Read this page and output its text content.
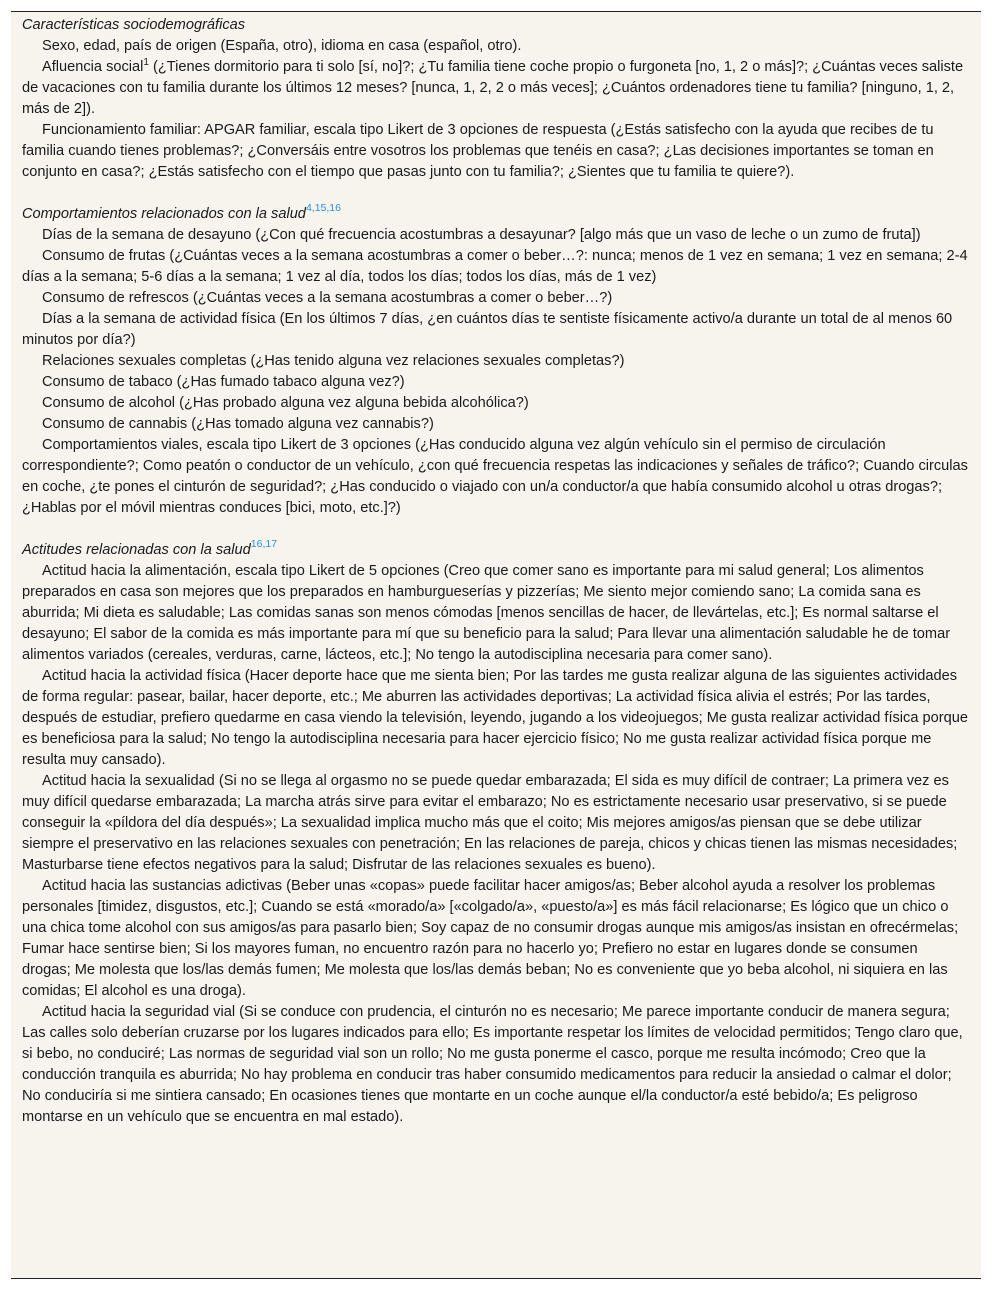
Características sociodemográficas

Sexo, edad, país de origen (España, otro), idioma en casa (español, otro).

Afluencia social$^1$ (¿Tienes dormitorio para ti solo [sí, no]?; ¿Tu familia tiene coche propio o furgoneta [no, 1, 2 o más]?; ¿Cuántas veces saliste de vacaciones con tu familia durante los últimos 12 meses? [nunca, 1, 2, 2 o más veces]; ¿Cuántos ordenadores tiene tu familia? [ninguno, 1, 2, más de 2]).

Funcionamiento familiar: APGAR familiar, escala tipo Likert de 3 opciones de respuesta (¿Estás satisfecho con la ayuda que recibes de tu familia cuando tienes problemas?; ¿Conversáis entre vosotros los problemas que tenéis en casa?; ¿Las decisiones importantes se toman en conjunto en casa?; ¿Estás satisfecho con el tiempo que pasas junto con tu familia?; ¿Sientes que tu familia te quiere?).

Comportamientos relacionados con la salud$^{4,15,16}$

Días de la semana de desayuno (¿Con qué frecuencia acostumbras a desayunar? [algo más que un vaso de leche o un zumo de fruta])

Consumo de frutas (¿Cuántas veces a la semana acostumbras a comer o beber…?: nunca; menos de 1 vez en semana; 1 vez en semana; 2-4 días a la semana; 5-6 días a la semana; 1 vez al día, todos los días; todos los días, más de 1 vez)

Consumo de refrescos (¿Cuántas veces a la semana acostumbras a comer o beber…?)

Días a la semana de actividad física (En los últimos 7 días, ¿en cuántos días te sentiste físicamente activo/a durante un total de al menos 60 minutos por día?)

Relaciones sexuales completas (¿Has tenido alguna vez relaciones sexuales completas?)

Consumo de tabaco (¿Has fumado tabaco alguna vez?)

Consumo de alcohol (¿Has probado alguna vez alguna bebida alcohólica?)

Consumo de cannabis (¿Has tomado alguna vez cannabis?)

Comportamientos viales, escala tipo Likert de 3 opciones (¿Has conducido alguna vez algún vehículo sin el permiso de circulación correspondiente?; Como peatón o conductor de un vehículo, ¿con qué frecuencia respetas las indicaciones y señales de tráfico?; Cuando circulas en coche, ¿te pones el cinturón de seguridad?; ¿Has conducido o viajado con un/a conductor/a que había consumido alcohol u otras drogas?; ¿Hablas por el móvil mientras conduces [bici, moto, etc.]?)

Actitudes relacionadas con la salud$^{16,17}$

Actitud hacia la alimentación, escala tipo Likert de 5 opciones (Creo que comer sano es importante para mi salud general; Los alimentos preparados en casa son mejores que los preparados en hamburgueserías y pizzerías; Me siento mejor comiendo sano; La comida sana es aburrida; Mi dieta es saludable; Las comidas sanas son menos cómodas [menos sencillas de hacer, de llevártelas, etc.]; Es normal saltarse el desayuno; El sabor de la comida es más importante para mí que su beneficio para la salud; Para llevar una alimentación saludable he de tomar alimentos variados (cereales, verduras, carne, lácteos, etc.]; No tengo la autodisciplina necesaria para comer sano).

Actitud hacia la actividad física (Hacer deporte hace que me sienta bien; Por las tardes me gusta realizar alguna de las siguientes actividades de forma regular: pasear, bailar, hacer deporte, etc.; Me aburren las actividades deportivas; La actividad física alivia el estrés; Por las tardes, después de estudiar, prefiero quedarme en casa viendo la televisión, leyendo, jugando a los videojuegos; Me gusta realizar actividad física porque es beneficiosa para la salud; No tengo la autodisciplina necesaria para hacer ejercicio físico; No me gusta realizar actividad física porque me resulta muy cansado).

Actitud hacia la sexualidad (Si no se llega al orgasmo no se puede quedar embarazada; El sida es muy difícil de contraer; La primera vez es muy difícil quedarse embarazada; La marcha atrás sirve para evitar el embarazo; No es estrictamente necesario usar preservativo, si se puede conseguir la «píldora del día después»; La sexualidad implica mucho más que el coito; Mis mejores amigos/as piensan que se debe utilizar siempre el preservativo en las relaciones sexuales con penetración; En las relaciones de pareja, chicos y chicas tienen las mismas necesidades; Masturbarse tiene efectos negativos para la salud; Disfrutar de las relaciones sexuales es bueno).

Actitud hacia las sustancias adictivas (Beber unas «copas» puede facilitar hacer amigos/as; Beber alcohol ayuda a resolver los problemas personales [timidez, disgustos, etc.]; Cuando se está «morado/a» [«colgado/a», «puesto/a»] es más fácil relacionarse; Es lógico que un chico o una chica tome alcohol con sus amigos/as para pasarlo bien; Soy capaz de no consumir drogas aunque mis amigos/as insistan en ofrecérmelas; Fumar hace sentirse bien; Si los mayores fuman, no encuentro razón para no hacerlo yo; Prefiero no estar en lugares donde se consumen drogas; Me molesta que los/las demás fumen; Me molesta que los/las demás beban; No es conveniente que yo beba alcohol, ni siquiera en las comidas; El alcohol es una droga).

Actitud hacia la seguridad vial (Si se conduce con prudencia, el cinturón no es necesario; Me parece importante conducir de manera segura; Las calles solo deberían cruzarse por los lugares indicados para ello; Es importante respetar los límites de velocidad permitidos; Tengo claro que, si bebo, no conduciré; Las normas de seguridad vial son un rollo; No me gusta ponerme el casco, porque me resulta incómodo; Creo que la conducción tranquila es aburrida; No hay problema en conducir tras haber consumido medicamentos para reducir la ansiedad o calmar el dolor; No conduciría si me sintiera cansado; En ocasiones tienes que montarte en un coche aunque el/la conductor/a esté bebido/a; Es peligroso montarse en un vehículo que se encuentra en mal estado).
